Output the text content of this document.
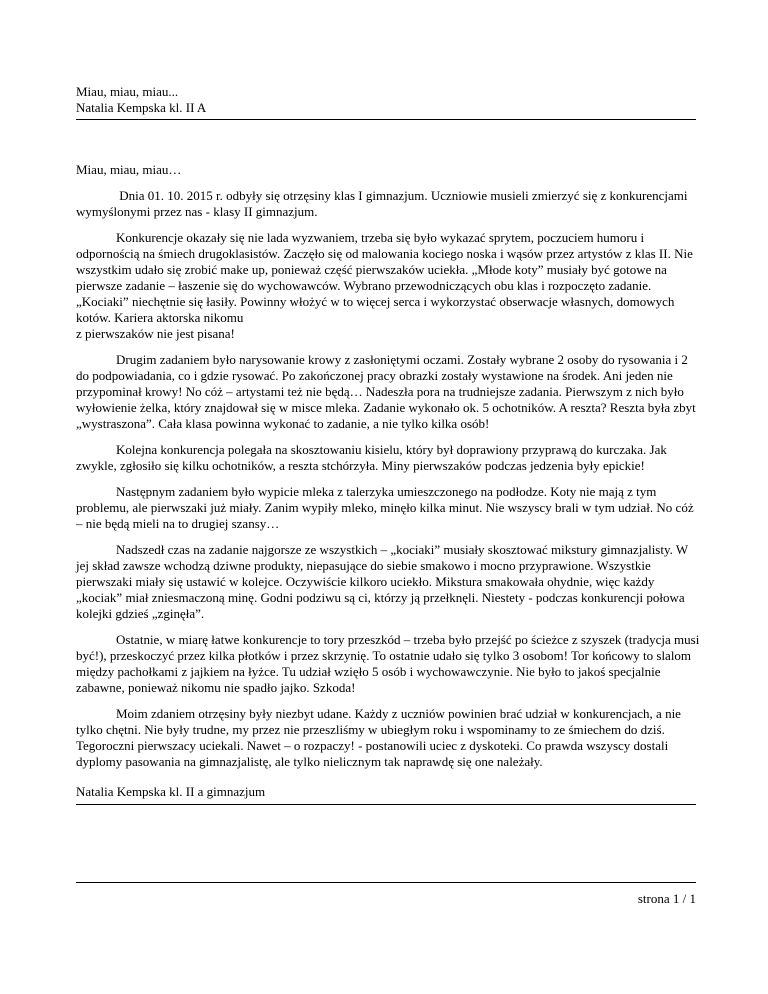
Miau, miau, miau...
Natalia Kempska kl. II A
Miau, miau, miau…
Dnia 01. 10. 2015 r. odbyły się otrzęsiny klas I gimnazjum. Uczniowie musieli zmierzyć się z konkurencjami
wymyślonymi przez nas - klasy II gimnazjum.
Konkurencje okazały się nie lada wyzwaniem, trzeba się było wykazać sprytem, poczuciem humoru i
odpornością na śmiech drugoklasistów. Zaczęło się od malowania kociego noska i wąsów przez artystów z klas II. Nie
wszystkim udało się zrobić make up, ponieważ część pierwszaków uciekła. „Młode koty” musiały być gotowe na
pierwsze zadanie – łaszenie się do wychowawców. Wybrano przewodniczących obu klas i rozpoczęto zadanie.
„Kociaki” niechętnie się łasiły. Powinny włożyć w to więcej serca i wykorzystać obserwacje własnych, domowych
kotów. Kariera aktorska nikomu
z pierwszaków nie jest pisana!
Drugim zadaniem było narysowanie krowy z zasłoniętymi oczami. Zostały wybrane 2 osoby do rysowania i 2
do podpowiadania, co i gdzie rysować. Po zakończonej pracy obrazki zostały wystawione na środek. Ani jeden nie
przypominał krowy! No cóż – artystami też nie będą… Nadeszła pora na trudniejsze zadania. Pierwszym z nich było
wyłowienie żelka, który znajdował się w misce mleka. Zadanie wykonało ok. 5 ochotników. A reszta? Reszta była zbyt
„wystraszona”. Cała klasa powinna wykonać to zadanie, a nie tylko kilka osób!
Kolejna konkurencja polegała na skosztowaniu kisielu, który był doprawiony przyprawą do kurczaka. Jak
zwykle, zgłosiło się kilku ochotników, a reszta stchórzyła. Miny pierwszaków podczas jedzenia były epickie!
Następnym zadaniem było wypicie mleka z talerzyka umieszczonego na podłodze. Koty nie mają z tym
problemu, ale pierwszaki już miały. Zanim wypiły mleko, minęło kilka minut. Nie wszyscy brali w tym udział. No cóż
– nie będą mieli na to drugiej szansy…
Nadszedł czas na zadanie najgorsze ze wszystkich – „kociaki” musiały skosztować mikstury gimnazjalisty. W
jej skład zawsze wchodzą dziwne produkty, niepasujące do siebie smakowo i mocno przyprawione. Wszystkie
pierwszaki miały się ustawić w kolejce. Oczywiście kilkoro uciekło. Mikstura smakowała ohydnie, więc każdy
„kociak” miał zniesmaczoną minę. Godni podziwu są ci, którzy ją przełknęli. Niestety - podczas konkurencji połowa
kolejki gdzieś „zginęła”.
Ostatnie, w miarę łatwe konkurencje to tory przeszkód – trzeba było przejść po ścieżce z szyszek (tradycja musi
być!), przeskoczyć przez kilka płotków i przez skrzynię. To ostatnie udało się tylko 3 osobom! Tor końcowy to slalom
między pachołkami z jajkiem na łyżce. Tu udział wzięło 5 osób i wychowawczynie. Nie było to jakoś specjalnie
zabawne, ponieważ nikomu nie spadło jajko. Szkoda!
Moim zdaniem otrzęsiny były niezbyt udane. Każdy z uczniów powinien brać udział w konkurencjach, a nie
tylko chętni. Nie były trudne, my przez nie przeszliśmy w ubiegłym roku i wspominamy to ze śmiechem do dziś.
Tegoroczni pierwszacy uciekali. Nawet – o rozpaczy! - postanowili uciec z dyskoteki. Co prawda wszyscy dostali
dyplomy pasowania na gimnazjalistę, ale tylko nielicznym tak naprawdę się one należały.
Natalia Kempska kl. II a gimnazjum
strona 1 / 1
